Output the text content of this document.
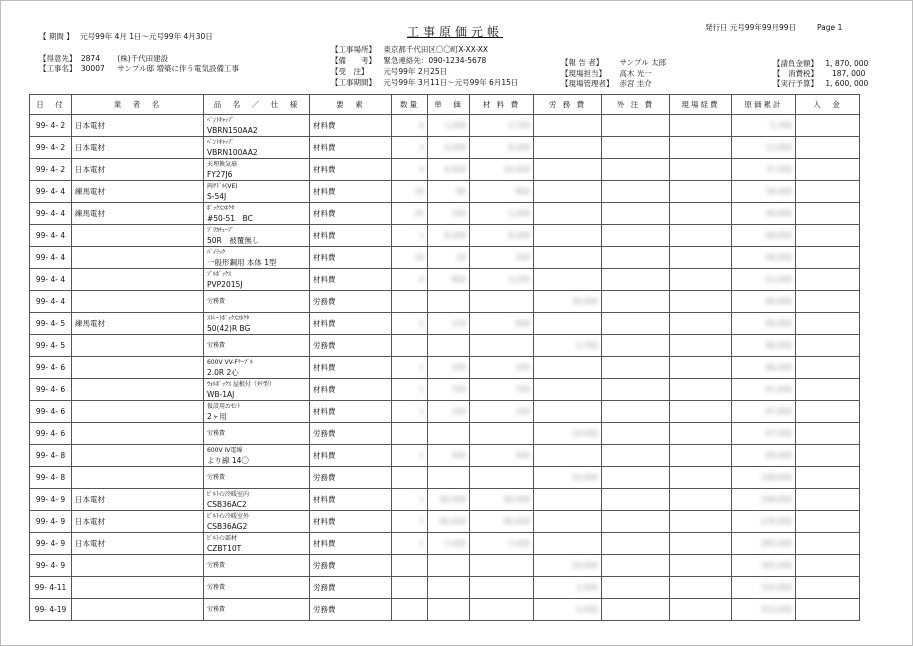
工事原価元帳	発行日 元号99年99月99日	Page 1
【 期間 】 元号99年 4月 1日～元号99年 4月30日
【得意先】 2874 (株)千代田建設
【工事名】 30007 サンプル邸 増築に伴う電気設備工事
【工事場所】 東京都千代田区〇〇町X-XX-XX
【備　　考】 緊急連絡先：090-1234-5678
【受　注】 元号99年 2月25日
【工事期間】 元号99年 3月11日～元号99年 6月15日
【報 告 者】 サンプル 太郎
【現場担当】 高木 光一
【現場管理者】 赤宮 圭介
【請負金額】 1, 870, 000
【　消費税】 187, 000
【実行予算】 1, 600, 000
日　付	業　者　名	品　名　／　仕　様	要　素	数量	単　価	材 料 費	労 務 費	外 注 費	現場経費	原価累計	入　金
99- 4- 2	日本電材	ﾍﾞﾝﾄｷｬｯﾌﾟ
VBRN150AA2	材料費	6	1,000	5,700				5,700	
99- 4- 2	日本電材	ﾍﾞﾝﾄｷｬｯﾌﾟ
VBRN100AA2	材料費	2	4,000	8,000				13,000	
99- 4- 2	日本電材	天埋換気扇
FY27J6	材料費	4	6,000	24,000				37,000	
99- 4- 4	練馬電材	両ｻﾄﾞﾙ(VE)
S-54J	材料費	10	80	800				38,000	
99- 4- 4	練馬電材	ﾎﾞｯｸｽｺﾈｸﾀ
#50-51　BC	材料費	20	100	2,000				40,000	
99- 4- 4		ﾌﾟﾘｶﾁｭｰﾌﾞ
50R　被覆無し	材料費	1	8,000	8,000				48,000	
99- 4- 4		ﾊﾟｲﾗｯｸ
一般形鋼用 本体 1型	材料費	10	20	200				48,000	
99- 4- 4		ﾌﾟﾙﾎﾞｯｸｽ
PVP2015J	材料費	4	800	3,200				52,000	
99- 4- 4		労務費	労務費				30,000			80,000	
99- 4- 5	練馬電材	ｽﾄﾚｰﾄﾎﾞｯｸｽｺﾈｸﾀ
50(42)R BG	材料費	5	120	600				80,000	
99- 4- 5		労務費	労務費				5,700			86,000	
99- 4- 6		600V VV-Fｹｰﾌﾞﾙ
2.0R 2心	材料費	1	200	200				86,000	
99- 4- 6		ｳｫﾙﾎﾞｯｸｽ 屋根付（ﾀﾃ型）
WB-1AJ	材料費	1	700	700				87,000	
99- 4- 6		仮設用ｺﾝｾﾝﾄ
2ヶ用	材料費	1	100	100				87,000	
99- 4- 6		労務費	労務費				10,000			97,000	
99- 4- 8		600V IV電線
より線 14〇	材料費	1	500	500				98,000	
99- 4- 8		労務費	労務費				10,000			108,000	
99- 4- 9	日本電材	ﾋﾞﾙﾄｲﾝ冷暖室内
CSB36AC2	材料費	1	90,000	90,000				198,000	
99- 4- 9	日本電材	ﾋﾞﾙﾄｲﾝ冷暖室外
CSB36AG2	材料費	1	80,000	80,000				278,000	
99- 4- 9	日本電材	ﾋﾞﾙﾄｲﾝ部材
CZBT10T	材料費	1	7,000	7,000				285,000	
99- 4- 9		労務費	労務費				20,000			305,000	
99- 4-11		労務費	労務費				5,000			310,000	
99- 4-19		労務費	労務費				5,000			315,000	
